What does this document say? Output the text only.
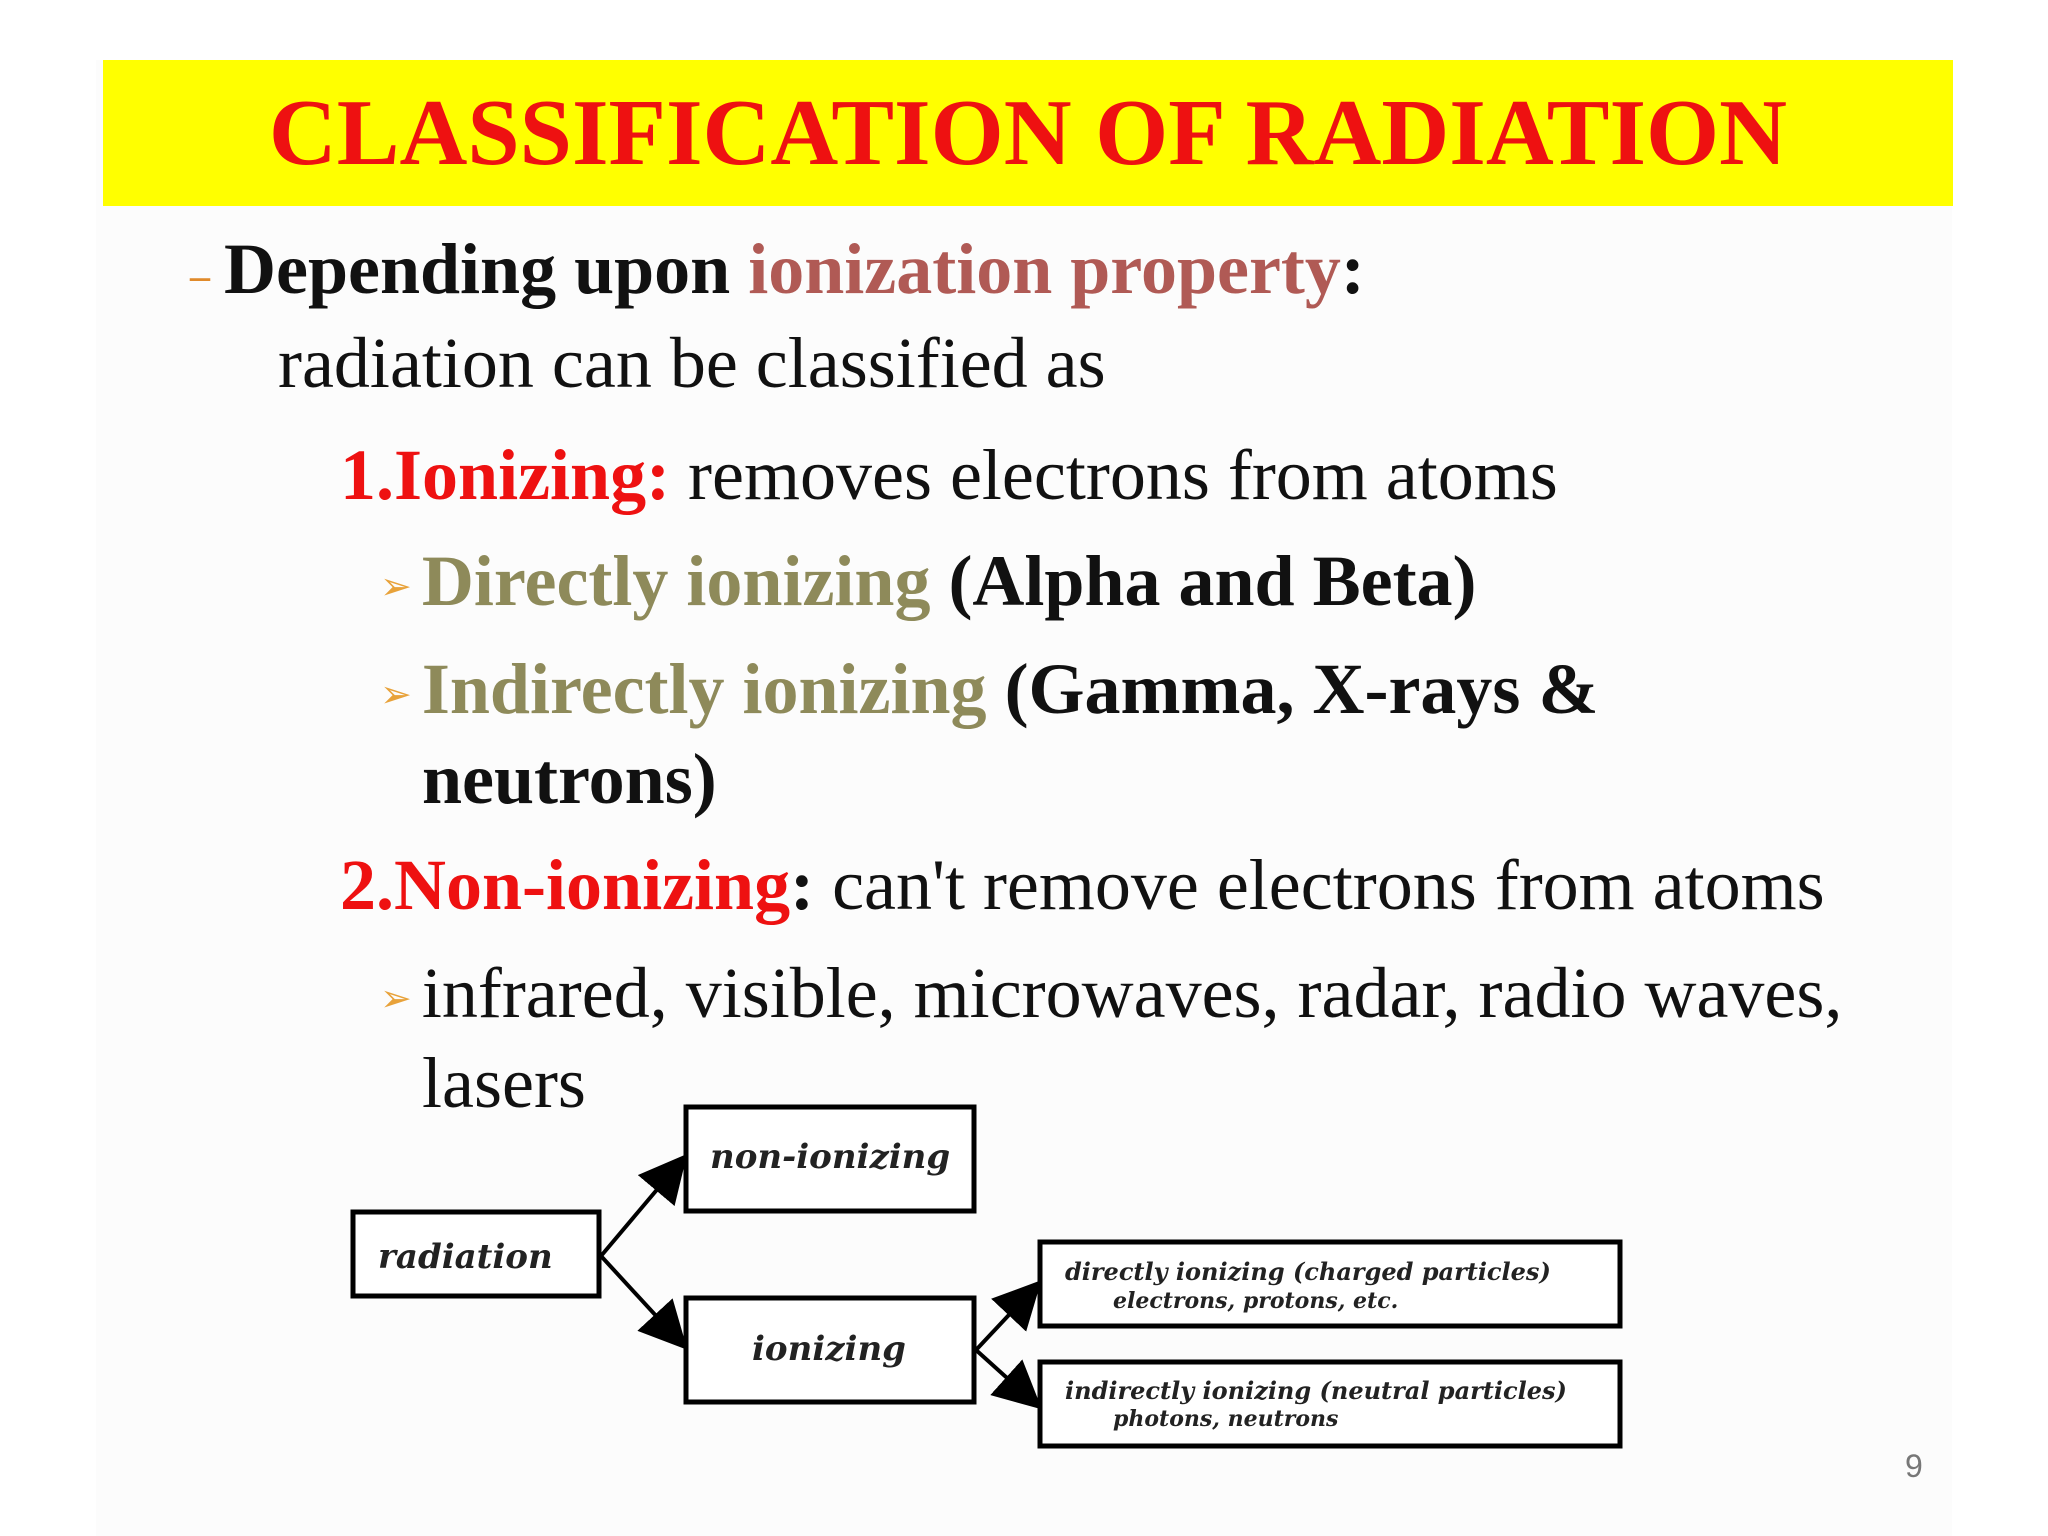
CLASSIFICATION OF RADIATION
– Depending upon ionization property:
radiation can be classified as
1.Ionizing: removes electrons from atoms
➢ Directly ionizing (Alpha and Beta)
➢ Indirectly ionizing (Gamma, X-rays &
neutrons)
2.Non-ionizing: can't remove electrons from atoms
➢ infrared, visible, microwaves, radar, radio waves,
lasers
radiation
non-ionizing
ionizing
directly ionizing (charged particles)
electrons, protons, etc.
indirectly ionizing (neutral particles)
photons, neutrons
9
